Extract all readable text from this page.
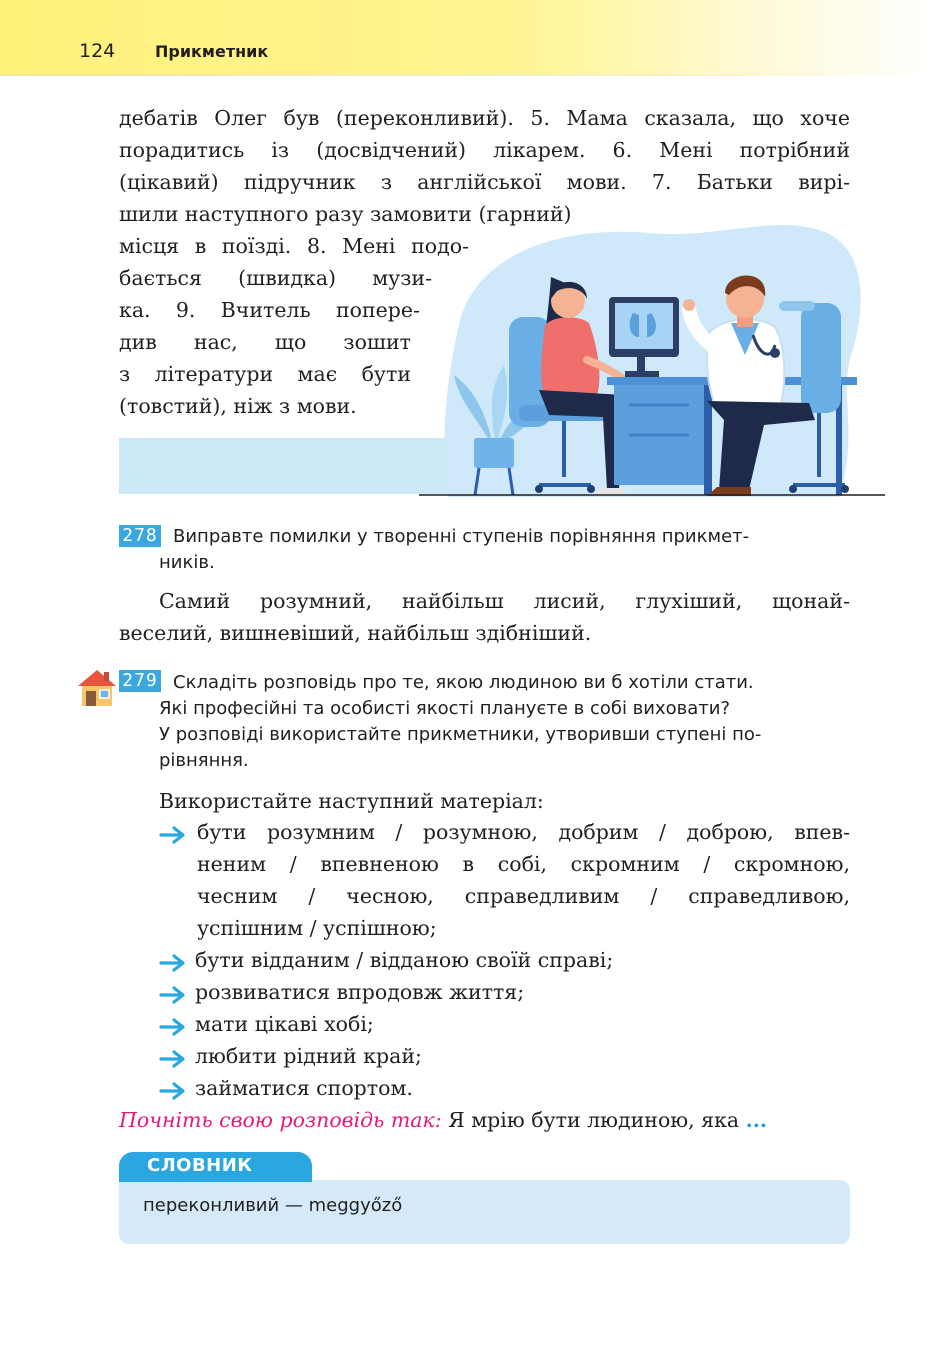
124 Прикметник
дебатів Олег був (переконливий). 5. Мама сказала, що хоче
порадитись із (досвідчений) лікарем. 6. Мені потрібний
(цікавий) підручник з англійської мови. 7. Батьки вирі-
шили наступного разу замовити (гарний)
місця в поїзді. 8. Мені подо-
бається (швидка) музи-
ка. 9. Вчитель попере-
див нас, що зошит
з літератури має бути
(товстий), ніж з мови.
278 Виправте помилки у творенні ступенів порівняння прикмет-
ників.
Самий розумний, найбільш лисий, глухіший, щонай-
веселий, вишневіший, найбільш здібніший.
279 Складіть розповідь про те, якою людиною ви б хотіли стати.
Які професійні та особисті якості плануєте в собі виховати?
У розповіді використайте прикметники, утворивши ступені по-
рівняння.
Використайте наступний матеріал:
бути розумним / розумною, добрим / доброю, впев-
неним / впевненою в собі, скромним / скромною,
чесним / чесною, справедливим / справедливою,
успішним / успішною;
бути відданим / відданою своїй справі;
розвиватися впродовж життя;
мати цікаві хобі;
любити рідний край;
займатися спортом.
Почніть свою розповідь так: Я мрію бути людиною, яка ...
СЛОВНИК
переконливий — meggyőző
